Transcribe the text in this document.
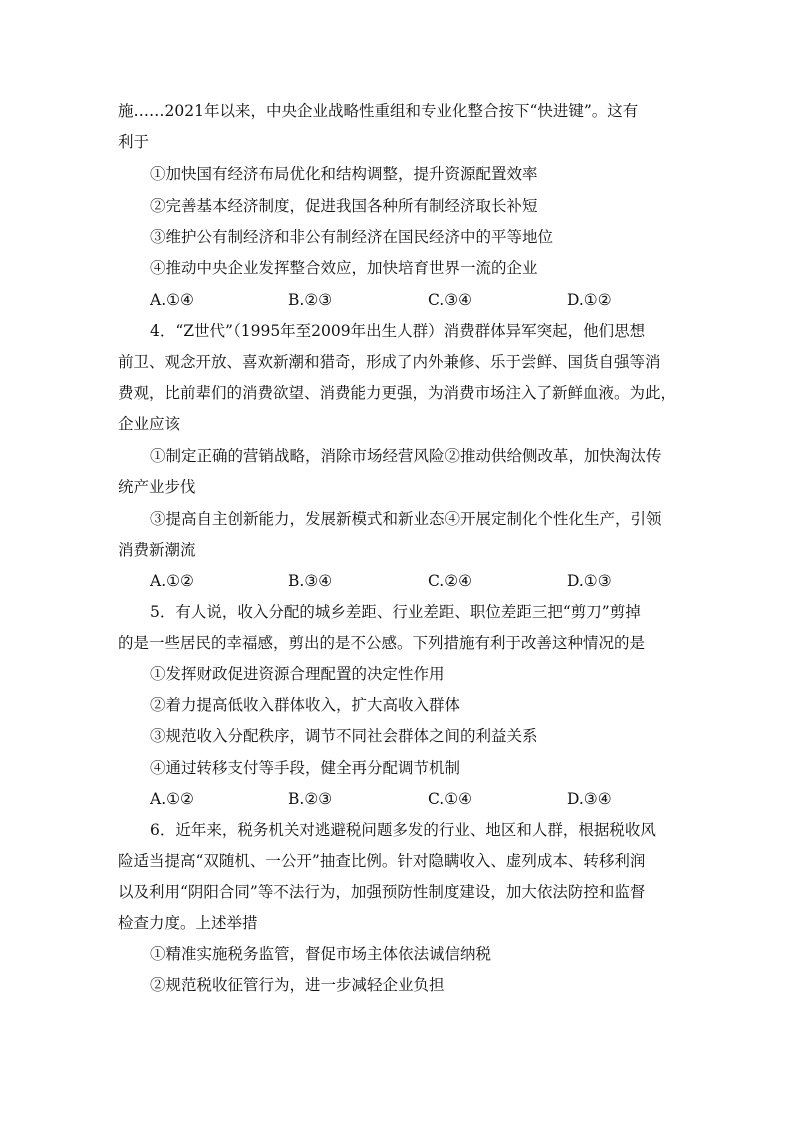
施……2021年以来，中央企业战略性重组和专业化整合按下“快进键”。这有
利于
①加快国有经济布局优化和结构调整，提升资源配置效率
②完善基本经济制度，促进我国各种所有制经济取长补短
③维护公有制经济和非公有制经济在国民经济中的平等地位
④推动中央企业发挥整合效应，加快培育世界一流的企业
A.①④	B.②③	C.③④	D.①②
4．“Z世代”（1995年至2009年出生人群）消费群体异军突起，他们思想
前卫、观念开放、喜欢新潮和猎奇，形成了内外兼修、乐于尝鲜、国货自强等消
费观，比前辈们的消费欲望、消费能力更强，为消费市场注入了新鲜血液。为此，
企业应该
①制定正确的营销战略，消除市场经营风险②推动供给侧改革，加快淘汰传
统产业步伐
③提高自主创新能力，发展新模式和新业态④开展定制化个性化生产，引领
消费新潮流
A.①②	B.③④	C.②④	D.①③
5．有人说，收入分配的城乡差距、行业差距、职位差距三把“剪刀”剪掉
的是一些居民的幸福感，剪出的是不公感。下列措施有利于改善这种情况的是
①发挥财政促进资源合理配置的决定性作用
②着力提高低收入群体收入，扩大高收入群体
③规范收入分配秩序，调节不同社会群体之间的利益关系
④通过转移支付等手段，健全再分配调节机制
A.①②	B.②③	C.①④	D.③④
6．近年来，税务机关对逃避税问题多发的行业、地区和人群，根据税收风
险适当提高“双随机、一公开”抽查比例。针对隐瞒收入、虚列成本、转移利润
以及利用“阴阳合同”等不法行为，加强预防性制度建设，加大依法防控和监督
检查力度。上述举措
①精准实施税务监管，督促市场主体依法诚信纳税
②规范税收征管行为，进一步减轻企业负担
